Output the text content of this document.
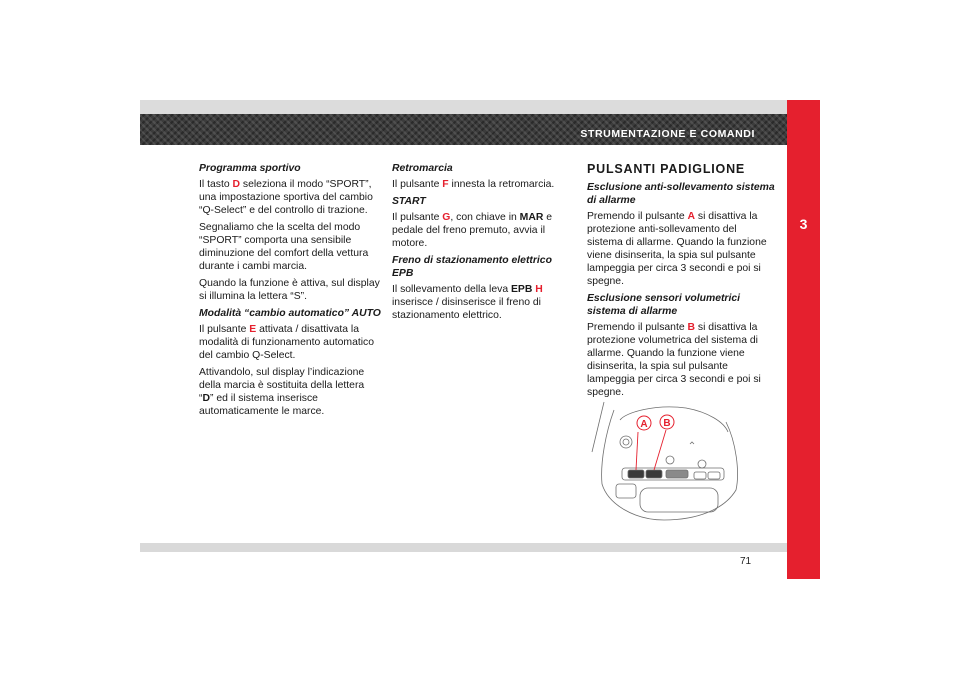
STRUMENTAZIONE E COMANDI
3

Programma sportivo

Il tasto D seleziona il modo “SPORT”, una impostazione sportiva del cambio “Q-Select” e del controllo di trazione.

Segnaliamo che la scelta del modo “SPORT” comporta una sensibile diminuzione del comfort della vettura durante i cambi marcia.

Quando la funzione è attiva, sul display si illumina la lettera “S”.

Modalità “cambio automatico” AUTO

Il pulsante E attivata / disattivata la modalità di funzionamento automatico del cambio Q-Select.

Attivandolo, sul display l’indicazione della marcia è sostituita della lettera “D” ed il sistema inserisce automaticamente le marce.

Retromarcia

Il pulsante F innesta la retromarcia.

START

Il pulsante G, con chiave in MAR e pedale del freno premuto, avvia il motore.

Freno di stazionamento elettrico EPB

Il sollevamento della leva EPB H inserisce / disinserisce il freno di stazionamento elettrico.

PULSANTI PADIGLIONE

Esclusione anti-sollevamento sistema di allarme

Premendo il pulsante A si disattiva la protezione anti-sollevamento del sistema di allarme. Quando la funzione viene disinserita, la spia sul pulsante lampeggia per circa 3 secondi e poi si spegne.

Esclusione sensori volumetrici sistema di allarme

Premendo il pulsante B si disattiva la protezione volumetrica del sistema di allarme. Quando la funzione viene disinserita, la spia sul pulsante lampeggia per circa 3 secondi e poi si spegne.

A B
71
